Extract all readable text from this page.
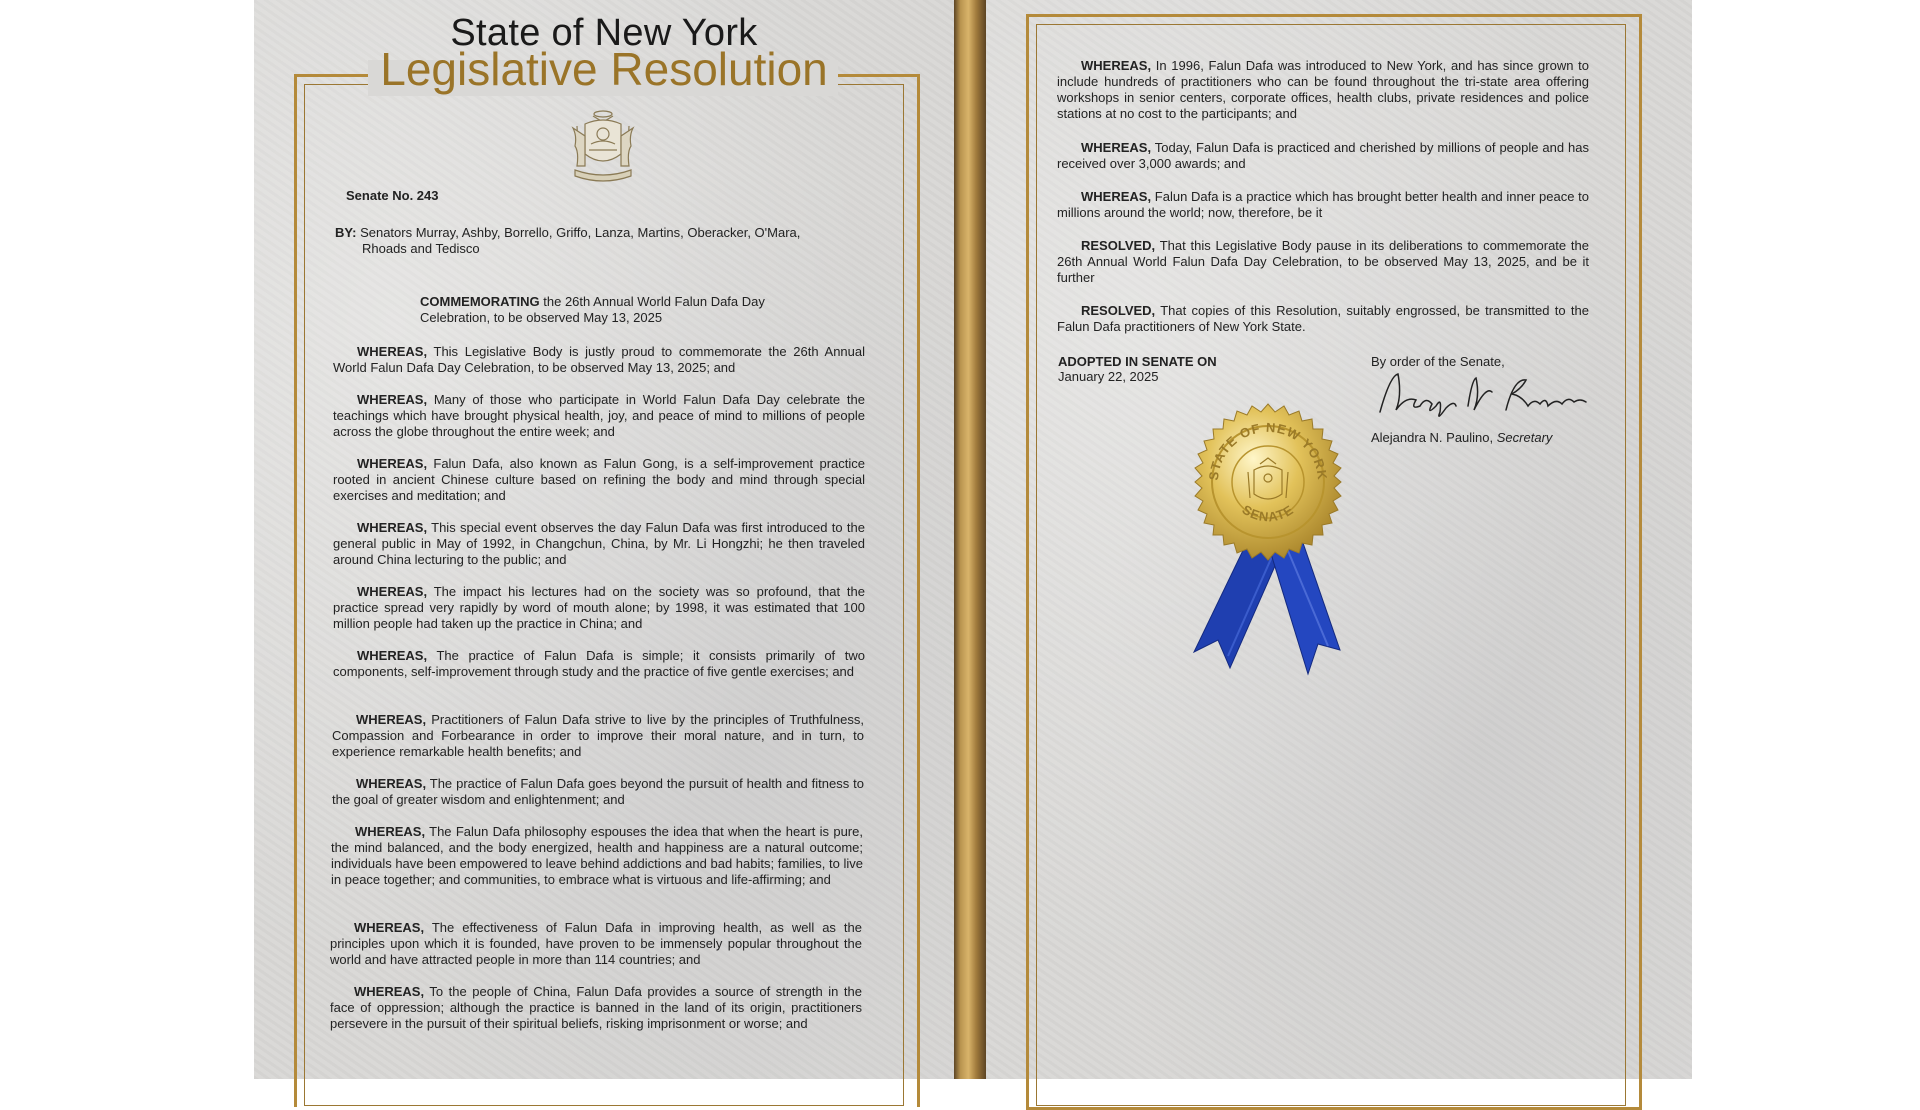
State of New York
Legislative Resolution
Senate No. 243
BY: Senators Murray, Ashby, Borrello, Griffo, Lanza, Martins, Oberacker, O'Mara,
Rhoads and Tedisco
COMMEMORATING the 26th Annual World Falun Dafa Day
Celebration, to be observed May 13, 2025
WHEREAS, This Legislative Body is justly proud to commemorate the 26th Annual World Falun Dafa Day Celebration, to be observed May 13, 2025; and
WHEREAS, Many of those who participate in World Falun Dafa Day celebrate the teachings which have brought physical health, joy, and peace of mind to millions of people across the globe throughout the entire week; and
WHEREAS, Falun Dafa, also known as Falun Gong, is a self-improvement practice rooted in ancient Chinese culture based on refining the body and mind through special exercises and meditation; and
WHEREAS, This special event observes the day Falun Dafa was first introduced to the general public in May of 1992, in Changchun, China, by Mr. Li Hongzhi; he then traveled around China lecturing to the public; and
WHEREAS, The impact his lectures had on the society was so profound, that the practice spread very rapidly by word of mouth alone; by 1998, it was estimated that 100 million people had taken up the practice in China; and
WHEREAS, The practice of Falun Dafa is simple; it consists primarily of two components, self-improvement through study and the practice of five gentle exercises; and
WHEREAS, Practitioners of Falun Dafa strive to live by the principles of Truthfulness, Compassion and Forbearance in order to improve their moral nature, and in turn, to experience remarkable health benefits; and
WHEREAS, The practice of Falun Dafa goes beyond the pursuit of health and fitness to the goal of greater wisdom and enlightenment; and
WHEREAS, The Falun Dafa philosophy espouses the idea that when the heart is pure, the mind balanced, and the body energized, health and happiness are a natural outcome; individuals have been empowered to leave behind addictions and bad habits; families, to live in peace together; and communities, to embrace what is virtuous and life-affirming; and
WHEREAS, The effectiveness of Falun Dafa in improving health, as well as the principles upon which it is founded, have proven to be immensely popular throughout the world and have attracted people in more than 114 countries; and
WHEREAS, To the people of China, Falun Dafa provides a source of strength in the face of oppression; although the practice is banned in the land of its origin, practitioners persevere in the pursuit of their spiritual beliefs, risking imprisonment or worse; and
WHEREAS, In 1996, Falun Dafa was introduced to New York, and has since grown to include hundreds of practitioners who can be found throughout the tri-state area offering workshops in senior centers, corporate offices, health clubs, private residences and police stations at no cost to the participants; and
WHEREAS, Today, Falun Dafa is practiced and cherished by millions of people and has received over 3,000 awards; and
WHEREAS, Falun Dafa is a practice which has brought better health and inner peace to millions around the world; now, therefore, be it
RESOLVED, That this Legislative Body pause in its deliberations to commemorate the 26th Annual World Falun Dafa Day Celebration, to be observed May 13, 2025, and be it further
RESOLVED, That copies of this Resolution, suitably engrossed, be transmitted to the Falun Dafa practitioners of New York State.
ADOPTED IN SENATE ON
January 22, 2025
By order of the Senate,
Alejandra N. Paulino, Secretary
STATE OF NEW YORK
SENATE
